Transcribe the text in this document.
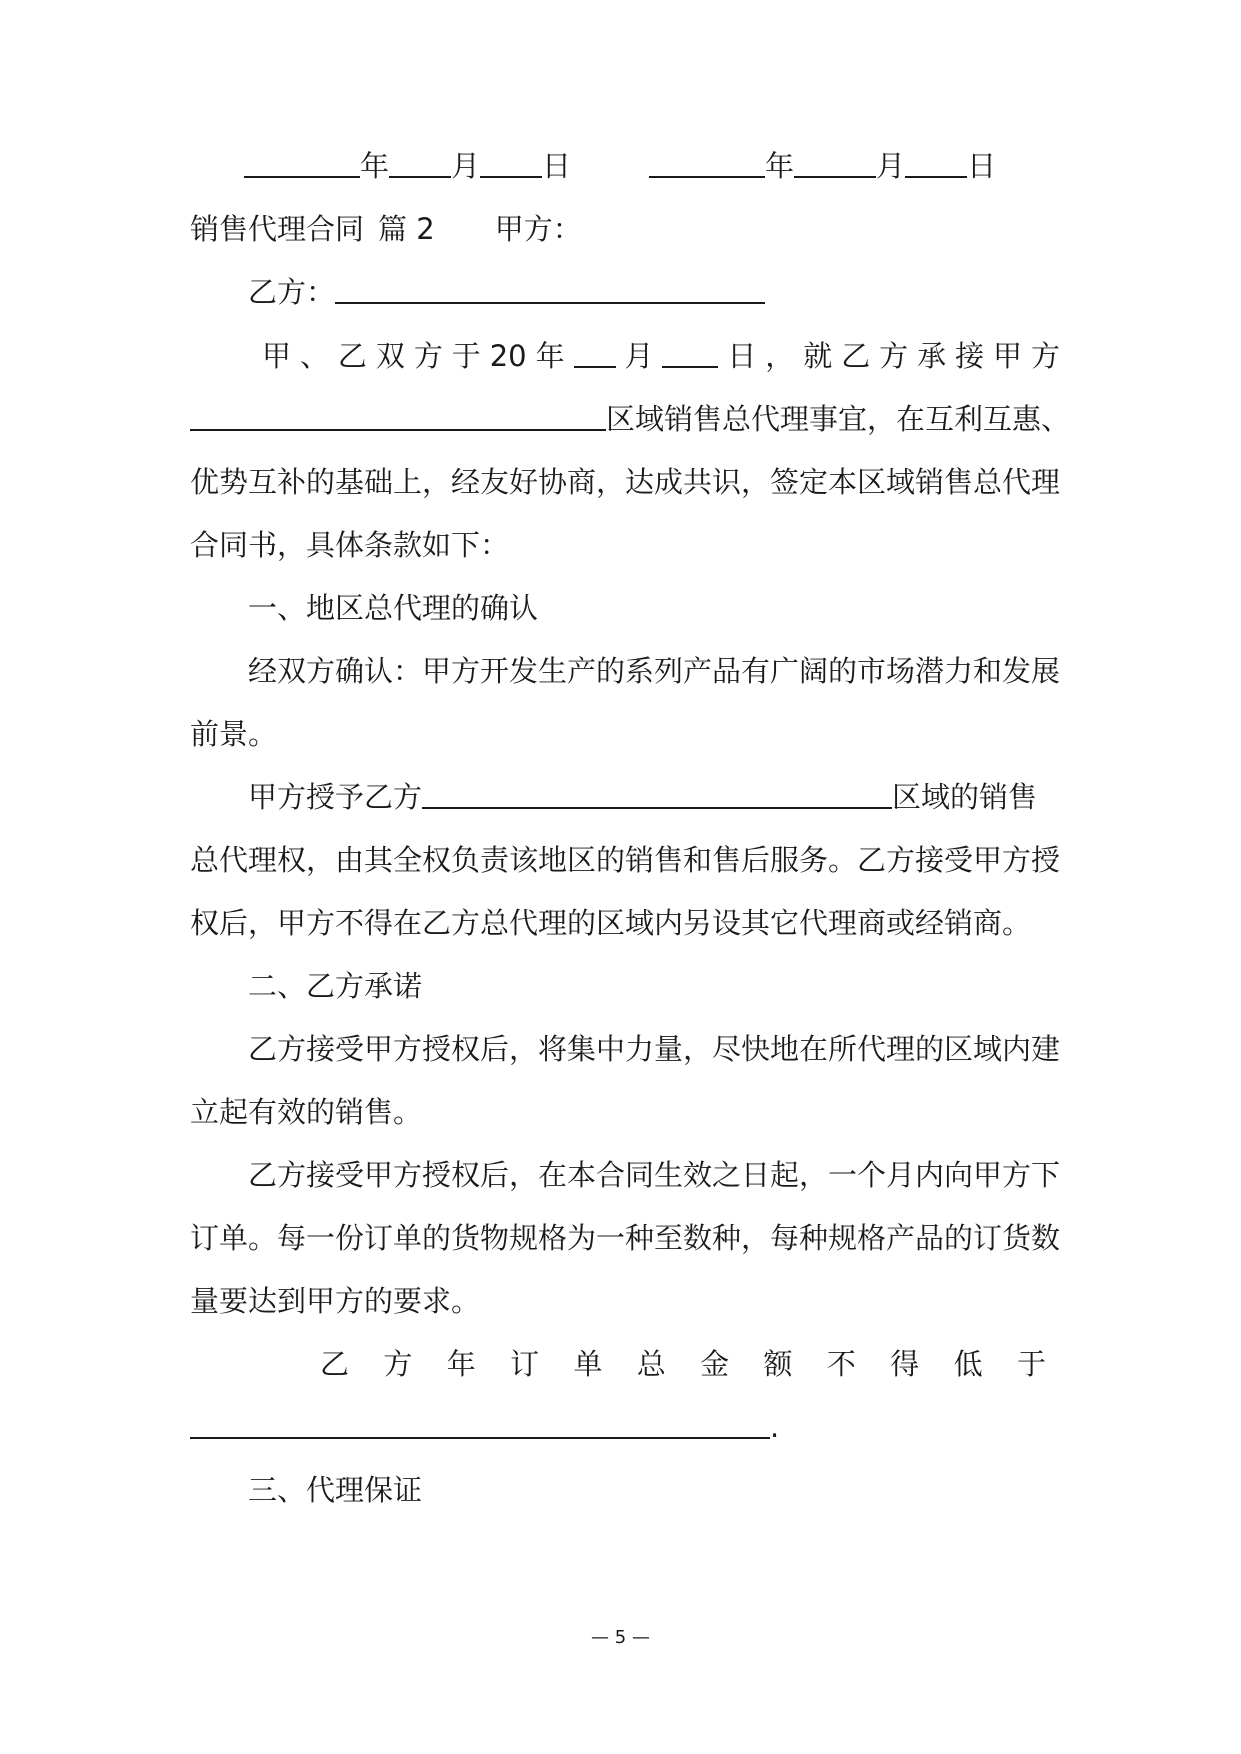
年 月 日	年	月 日
销售代理合同 篇 2 甲方：
乙方：
甲 、 乙 双 方 于 20 年 月	日 ， 就 乙 方 承 接 甲 方
区域销售总代理事宜，在互利互惠、
优势互补的基础上，经友好协商，达成共识，签定本区域销售总代理
合同书，具体条款如下：
一、地区总代理的确认
经双方确认：甲方开发生产的系列产品有广阔的市场潜力和发展
前景。
甲方授予乙方	区域的销售
总代理权，由其全权负责该地区的销售和售后服务。乙方接受甲方授
权后，甲方不得在乙方总代理的区域内另设其它代理商或经销商。
二、乙方承诺
乙方接受甲方授权后，将集中力量，尽快地在所代理的区域内建
立起有效的销售。
乙方接受甲方授权后，在本合同生效之日起，一个月内向甲方下
订单。每一份订单的货物规格为一种至数种，每种规格产品的订货数
量要达到甲方的要求。
乙 方 年 订 单 总 金 额 不 得 低 于
.
三、代理保证
— 5 —
